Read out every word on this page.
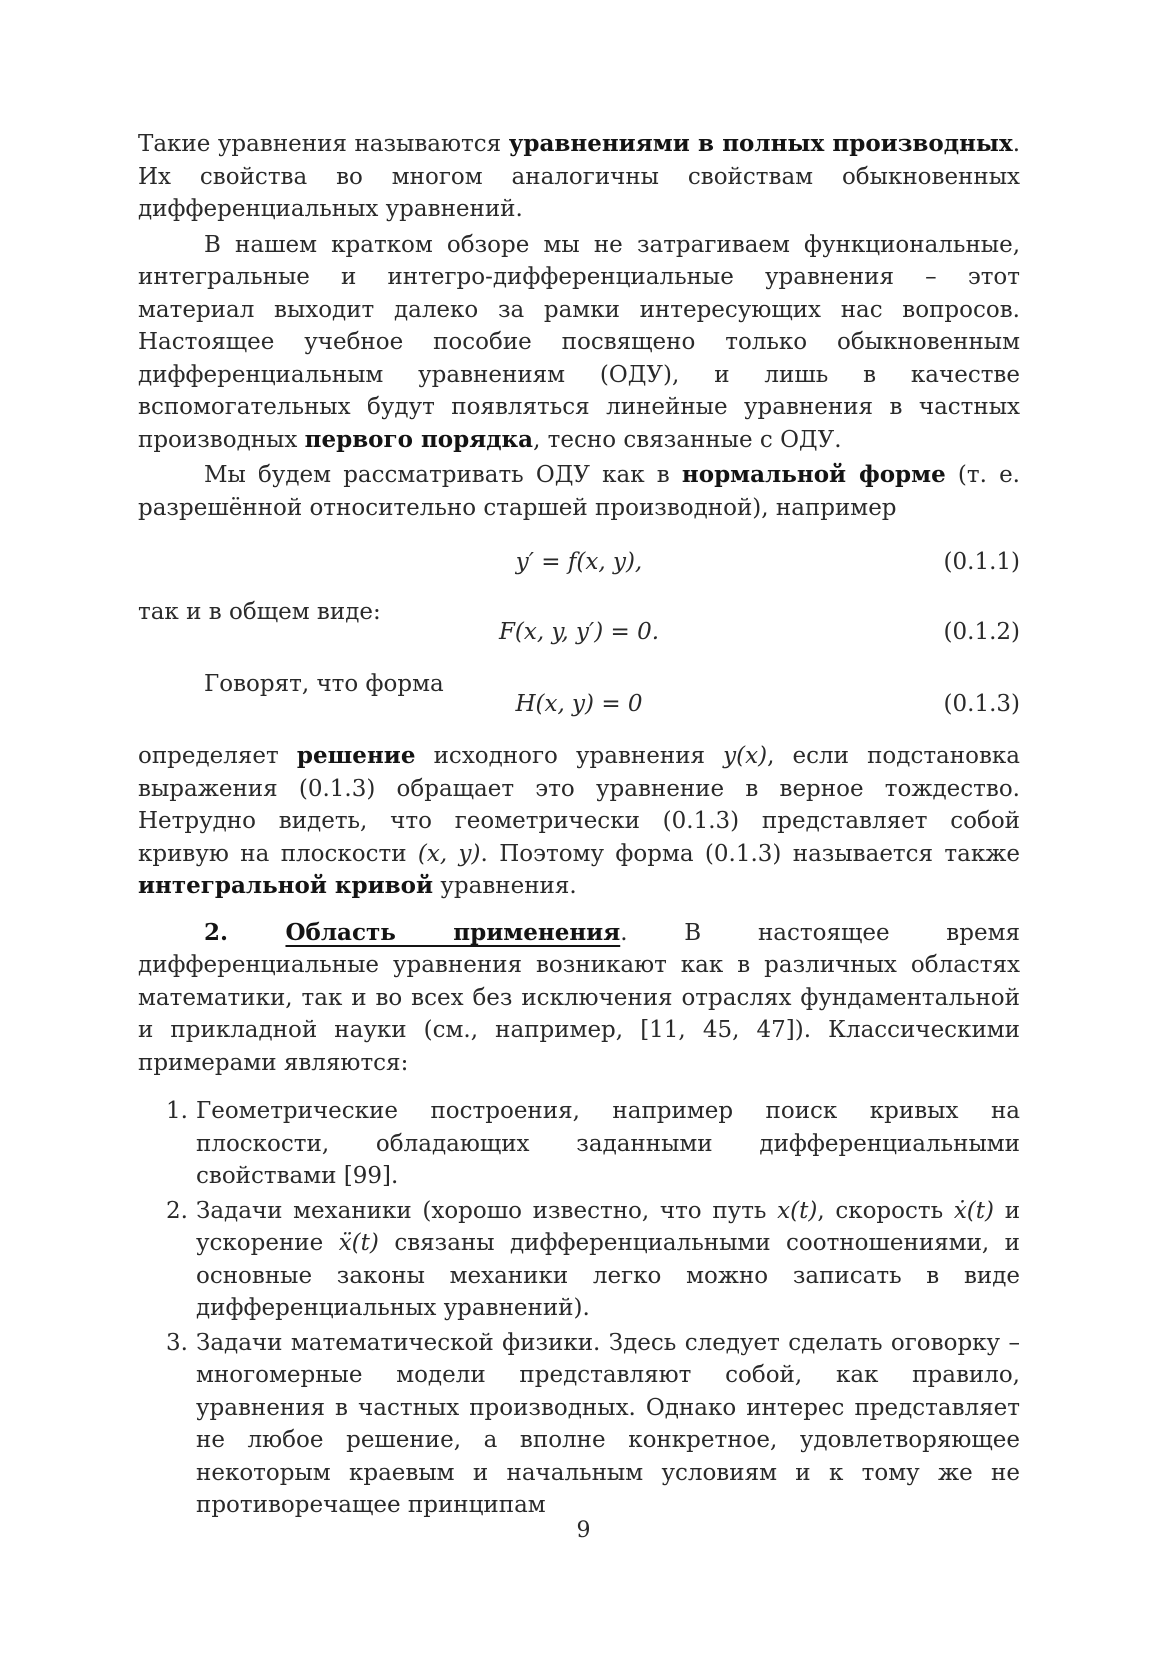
Такие уравнения называются уравнениями в полных производных. Их свойства во многом аналогичны свойствам обыкновенных дифференциальных уравнений.

В нашем кратком обзоре мы не затрагиваем функциональные, интегральные и интегро-дифференциальные уравнения – этот материал выходит далеко за рамки интересующих нас вопросов. Настоящее учебное пособие посвящено только обыкновенным дифференциальным уравнениям (ОДУ), и лишь в качестве вспомогательных будут появляться линейные уравнения в частных производных первого порядка, тесно связанные с ОДУ.

Мы будем рассматривать ОДУ как в нормальной форме (т. е. разрешённой относительно старшей производной), например

y′ = f(x, y),	(0.1.1)
так и в общем виде:
F(x, y, y′) = 0.	(0.1.2)
Говорят, что форма
H(x, y) = 0	(0.1.3)

определяет решение исходного уравнения y(x), если подстановка выражения (0.1.3) обращает это уравнение в верное тождество. Нетрудно видеть, что геометрически (0.1.3) представляет собой кривую на плоскости (x, y). Поэтому форма (0.1.3) называется также интегральной кривой уравнения.

2. Область применения. В настоящее время дифференциальные уравнения возникают как в различных областях математики, так и во всех без исключения отраслях фундаментальной и прикладной науки (см., например, [11, 45, 47]). Классическими примерами являются:

1. Геометрические построения, например поиск кривых на плоскости, обладающих заданными дифференциальными свойствами [99].
2. Задачи механики (хорошо известно, что путь x(t), скорость ẋ(t) и ускорение ẍ(t) связаны дифференциальными соотношениями, и основные законы механики легко можно записать в виде дифференциальных уравнений).
3. Задачи математической физики. Здесь следует сделать оговорку – многомерные модели представляют собой, как правило, уравнения в частных производных. Однако интерес представляет не любое решение, а вполне конкретное, удовлетворяющее некоторым краевым и начальным условиям и к тому же не противоречащее принципам
9
